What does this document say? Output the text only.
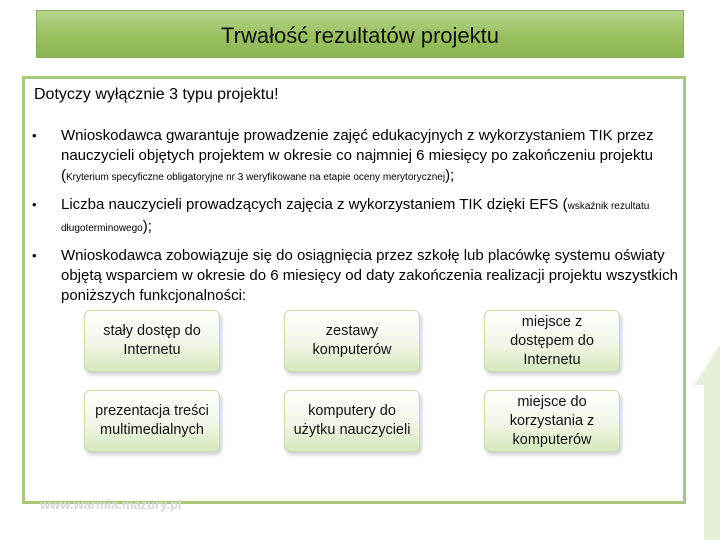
Trwałość rezultatów projektu
Dotyczy wyłącznie 3 typu projektu!
• Wnioskodawca gwarantuje prowadzenie zajęć edukacyjnych z wykorzystaniem TIK przez nauczycieli objętych projektem w okresie co najmniej 6 miesięcy po zakończeniu projektu (Kryterium specyficzne obligatoryjne nr 3 weryfikowane na etapie oceny merytorycznej);
• Liczba nauczycieli prowadzących zajęcia z wykorzystaniem TIK dzięki EFS (wskaźnik rezultatu długoterminowego);
• Wnioskodawca zobowiązuje się do osiągnięcia przez szkołę lub placówkę systemu oświaty objętą wsparciem w okresie do 6 miesięcy od daty zakończenia realizacji projektu wszystkich poniższych funkcjonalności:
stały dostęp do Internetu
zestawy komputerów
miejsce z dostępem do Internetu
prezentacja treści multimedialnych
komputery do użytku nauczycieli
miejsce do korzystania z komputerów
www.warmia.mazury.pl
